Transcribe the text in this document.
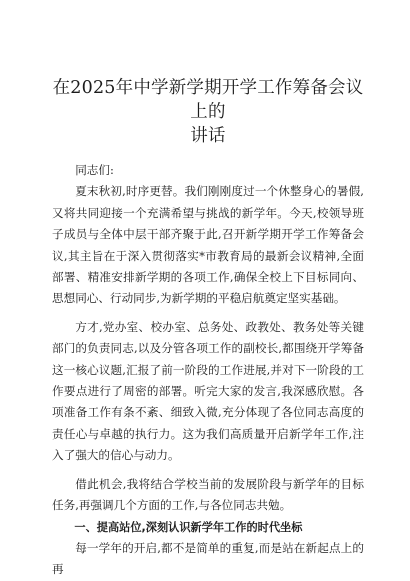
在2025年中学新学期开学工作筹备会议上的
讲话

同志们:

夏末秋初,时序更替。我们刚刚度过一个休整身心的暑假,又将共同迎接一个充满希望与挑战的新学年。今天,校领导班子成员与全体中层干部齐聚于此,召开新学期开学工作筹备会议,其主旨在于深入贯彻落实*市教育局的最新会议精神,全面部署、精准安排新学期的各项工作,确保全校上下目标同向、思想同心、行动同步,为新学期的平稳启航奠定坚实基础。

方才,党办室、校办室、总务处、政教处、教务处等关键部门的负责同志,以及分管各项工作的副校长,都围绕开学筹备这一核心议题,汇报了前一阶段的工作进展,并对下一阶段的工作要点进行了周密的部署。听完大家的发言,我深感欣慰。各项准备工作有条不紊、细致入微,充分体现了各位同志高度的责任心与卓越的执行力。这为我们高质量开启新学年工作,注入了强大的信心与动力。

借此机会,我将结合学校当前的发展阶段与新学年的目标任务,再强调几个方面的工作,与各位同志共勉。

一、提高站位,深刻认识新学年工作的时代坐标

每一学年的开启,都不是简单的重复,而是站在新起点上的再
